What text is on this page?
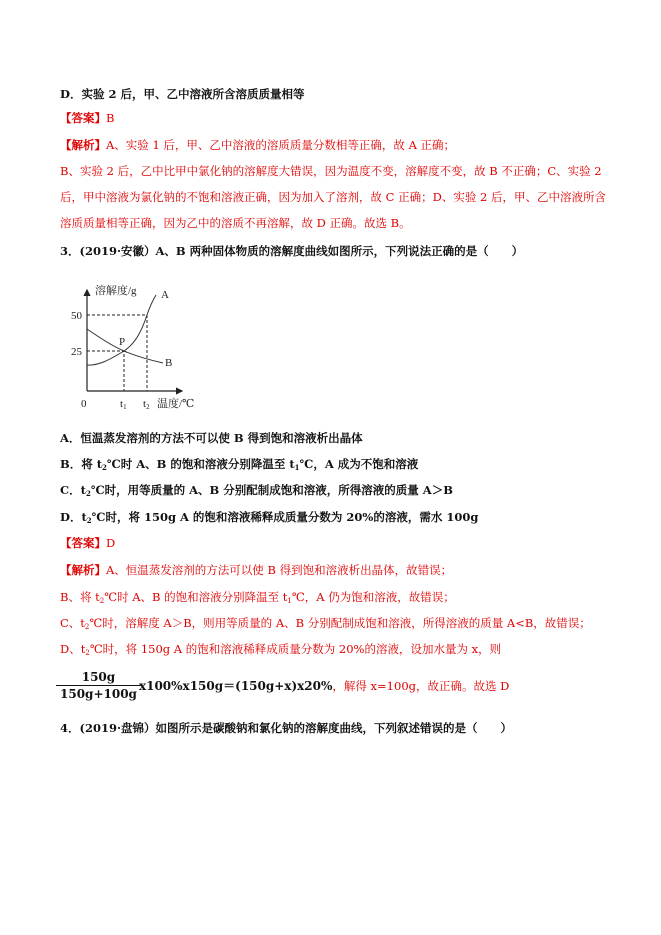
D．实验 2 后，甲、乙中溶液所含溶质质量相等
【答案】B
【解析】A、实验 1 后，甲、乙中溶液的溶质质量分数相等正确，故 A 正确；
B、实验 2 后，乙中比甲中氯化钠的溶解度大错误，因为温度不变，溶解度不变，故 B 不正确；C、实验 2
后，甲中溶液为氯化钠的不饱和溶液正确，因为加入了溶剂，故 C 正确；D、实验 2 后，甲、乙中溶液所含
溶质质量相等正确，因为乙中的溶质不再溶解，故 D 正确。故选 B。
3．(2019·安徽）A、B 两种固体物质的溶解度曲线如图所示，下列说法正确的是（　　）
溶解度/g
50
25
0	t1 t2 温度/℃
P
A
B
A．恒温蒸发溶剂的方法不可以使 B 得到饱和溶液析出晶体
B．将 $t_2℃$时 A、B 的饱和溶液分别降温至 $t_1℃$，A 成为不饱和溶液
C．$t_2℃$时，用等质量的 A、B 分别配制成饱和溶液，所得溶液的质量 A＞B
D．$t_2℃$时，将 150g A 的饱和溶液稀释成质量分数为 20%的溶液，需水 100g
【答案】D
【解析】A、恒温蒸发溶剂的方法可以使 B 得到饱和溶液析出晶体，故错误；
B、将 $t_2℃$时 A、B 的饱和溶液分别降温至 $t_1℃$，A 仍为饱和溶液，故错误；
C、$t_2℃$时，溶解度 A＞B，则用等质量的 A、B 分别配制成饱和溶液，所得溶液的质量 A<B，故错误；
D、$t_2℃$时，将 150g A 的饱和溶液稀释成质量分数为 20%的溶液，设加水量为 x，则
$\frac{150g}{150g+100g} x100\%x150g=(150g+x)x20\%$ ，解得 x=100g，故正确。故选 D
4．(2019·盘锦）如图所示是碳酸钠和氯化钠的溶解度曲线，下列叙述错误的是（　　）
